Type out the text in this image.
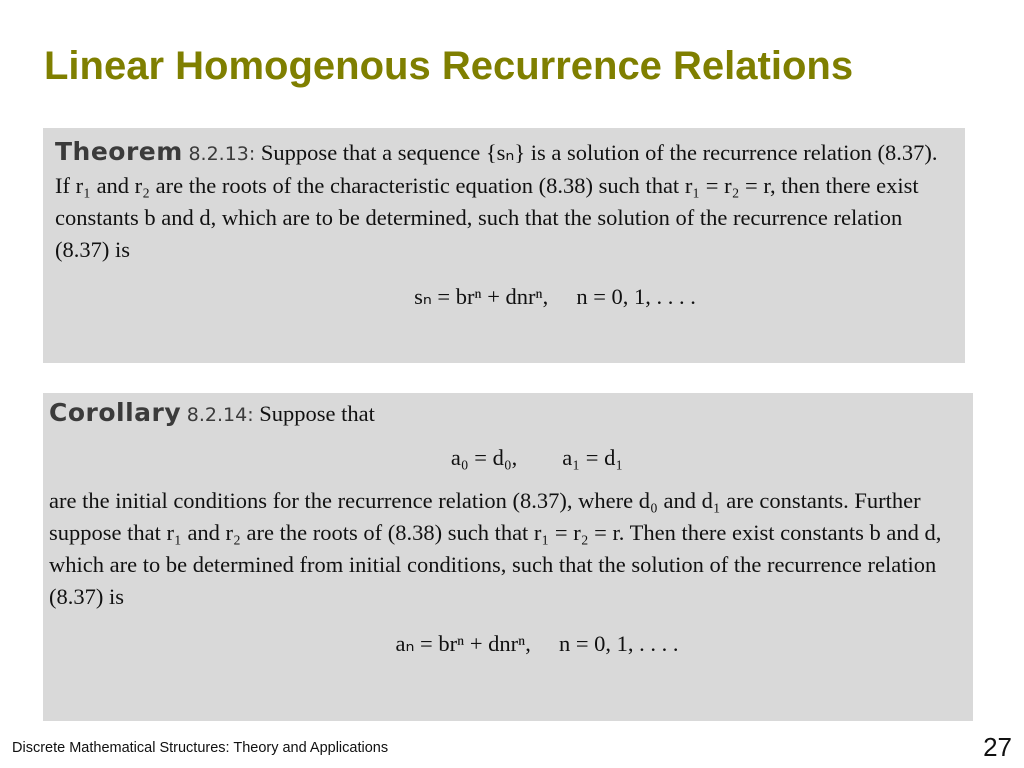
Linear Homogenous Recurrence Relations

Theorem 8.2.13: Suppose that a sequence {sₙ} is a solution of the recurrence relation (8.37). If r₁ and r₂ are the roots of the characteristic equation (8.38) such that r₁ = r₂ = r, then there exist constants b and d, which are to be determined, such that the solution of the recurrence relation (8.37) is

sₙ = brⁿ + dnrⁿ,     n = 0, 1, . . . .

Corollary 8.2.14: Suppose that

a₀ = d₀,        a₁ = d₁

are the initial conditions for the recurrence relation (8.37), where d₀ and d₁ are constants. Further suppose that r₁ and r₂ are the roots of (8.38) such that r₁ = r₂ = r. Then there exist constants b and d, which are to be determined from initial conditions, such that the solution of the recurrence relation (8.37) is

aₙ = brⁿ + dnrⁿ,     n = 0, 1, . . . .

Discrete Mathematical Structures: Theory and Applications	27
